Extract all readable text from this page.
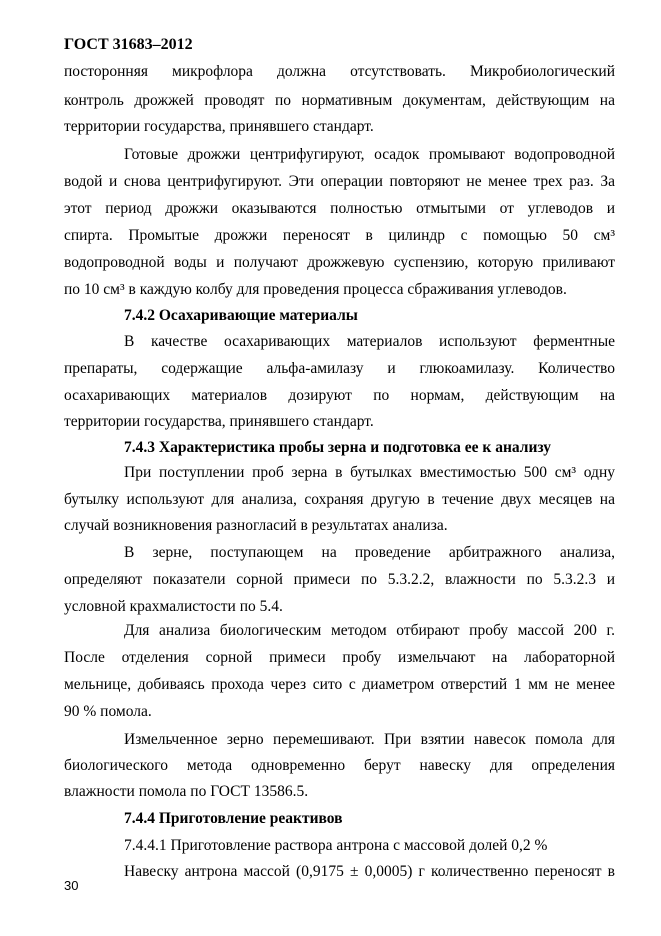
ГОСТ 31683–2012
посторонняя микрофлора должна отсутствовать. Микробиологический
контроль дрожжей проводят по нормативным документам, действующим на
территории государства, принявшего стандарт.
Готовые дрожжи центрифугируют, осадок промывают водопроводной
водой и снова центрифугируют. Эти операции повторяют не менее трех раз. За
этот период дрожжи оказываются полностью отмытыми от углеводов и
спирта. Промытые дрожжи переносят в цилиндр с помощью 50 см³
водопроводной воды и получают дрожжевую суспензию, которую приливают
по 10 см³ в каждую колбу для проведения процесса сбраживания углеводов.
7.4.2 Осахаривающие материалы
В качестве осахаривающих материалов используют ферментные
препараты, содержащие альфа-амилазу и глюкоамилазу. Количество
осахаривающих материалов дозируют по нормам, действующим на
территории государства, принявшего стандарт.
7.4.3 Характеристика пробы зерна и подготовка ее к анализу
При поступлении проб зерна в бутылках вместимостью 500 см³ одну
бутылку используют для анализа, сохраняя другую в течение двух месяцев на
случай возникновения разногласий в результатах анализа.
В зерне, поступающем на проведение арбитражного анализа,
определяют показатели сорной примеси по 5.3.2.2, влажности по 5.3.2.3 и
условной крахмалистости по 5.4.
Для анализа биологическим методом отбирают пробу массой 200 г.
После отделения сорной примеси пробу измельчают на лабораторной
мельнице, добиваясь прохода через сито с диаметром отверстий 1 мм не менее
90 % помола.
Измельченное зерно перемешивают. При взятии навесок помола для
биологического метода одновременно берут навеску для определения
влажности помола по ГОСТ 13586.5.
7.4.4 Приготовление реактивов
7.4.4.1 Приготовление раствора антрона с массовой долей 0,2 %
Навеску антрона массой (0,9175 ± 0,0005) г количественно переносят в
30
